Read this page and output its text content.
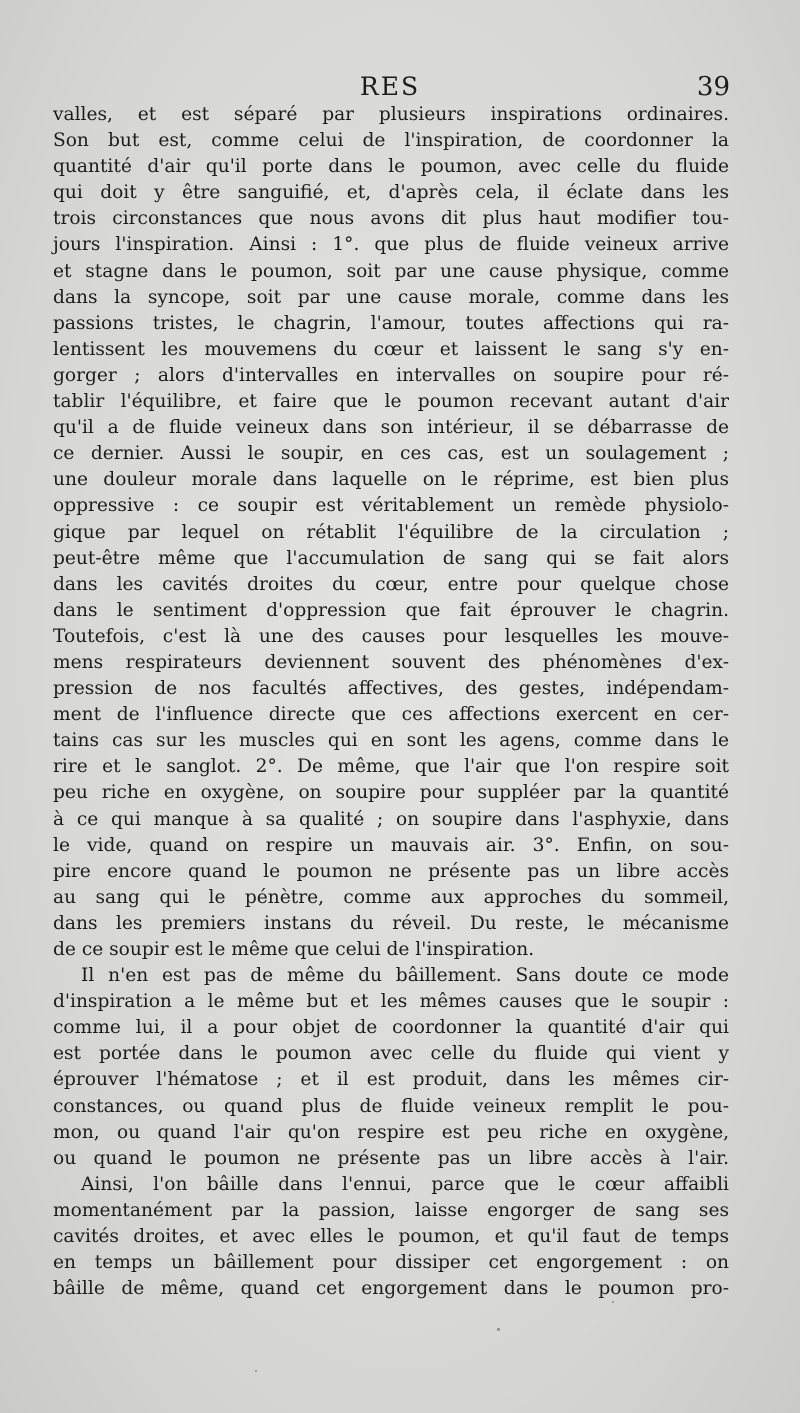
RES	39
valles, et est séparé par plusieurs inspirations ordinaires.
Son but est, comme celui de l'inspiration, de coordonner la
quantité d'air qu'il porte dans le poumon, avec celle du fluide
qui doit y être sanguifié, et, d'après cela, il éclate dans les
trois circonstances que nous avons dit plus haut modifier tou-
jours l'inspiration. Ainsi : 1°. que plus de fluide veineux arrive
et stagne dans le poumon, soit par une cause physique, comme
dans la syncope, soit par une cause morale, comme dans les
passions tristes, le chagrin, l'amour, toutes affections qui ra-
lentissent les mouvemens du cœur et laissent le sang s'y en-
gorger ; alors d'intervalles en intervalles on soupire pour ré-
tablir l'équilibre, et faire que le poumon recevant autant d'air
qu'il a de fluide veineux dans son intérieur, il se débarrasse de
ce dernier. Aussi le soupir, en ces cas, est un soulagement ;
une douleur morale dans laquelle on le réprime, est bien plus
oppressive : ce soupir est véritablement un remède physiolo-
gique par lequel on rétablit l'équilibre de la circulation ;
peut-être même que l'accumulation de sang qui se fait alors
dans les cavités droites du cœur, entre pour quelque chose
dans le sentiment d'oppression que fait éprouver le chagrin.
Toutefois, c'est là une des causes pour lesquelles les mouve-
mens respirateurs deviennent souvent des phénomènes d'ex-
pression de nos facultés affectives, des gestes, indépendam-
ment de l'influence directe que ces affections exercent en cer-
tains cas sur les muscles qui en sont les agens, comme dans le
rire et le sanglot. 2°. De même, que l'air que l'on respire soit
peu riche en oxygène, on soupire pour suppléer par la quantité
à ce qui manque à sa qualité ; on soupire dans l'asphyxie, dans
le vide, quand on respire un mauvais air. 3°. Enfin, on sou-
pire encore quand le poumon ne présente pas un libre accès
au sang qui le pénètre, comme aux approches du sommeil,
dans les premiers instans du réveil. Du reste, le mécanisme
de ce soupir est le même que celui de l'inspiration.
Il n'en est pas de même du bâillement. Sans doute ce mode
d'inspiration a le même but et les mêmes causes que le soupir :
comme lui, il a pour objet de coordonner la quantité d'air qui
est portée dans le poumon avec celle du fluide qui vient y
éprouver l'hématose ; et il est produit, dans les mêmes cir-
constances, ou quand plus de fluide veineux remplit le pou-
mon, ou quand l'air qu'on respire est peu riche en oxygène,
ou quand le poumon ne présente pas un libre accès à l'air.
Ainsi, l'on bâille dans l'ennui, parce que le cœur affaibli
momentanément par la passion, laisse engorger de sang ses
cavités droites, et avec elles le poumon, et qu'il faut de temps
en temps un bâillement pour dissiper cet engorgement : on
bâille de même, quand cet engorgement dans le poumon pro-
